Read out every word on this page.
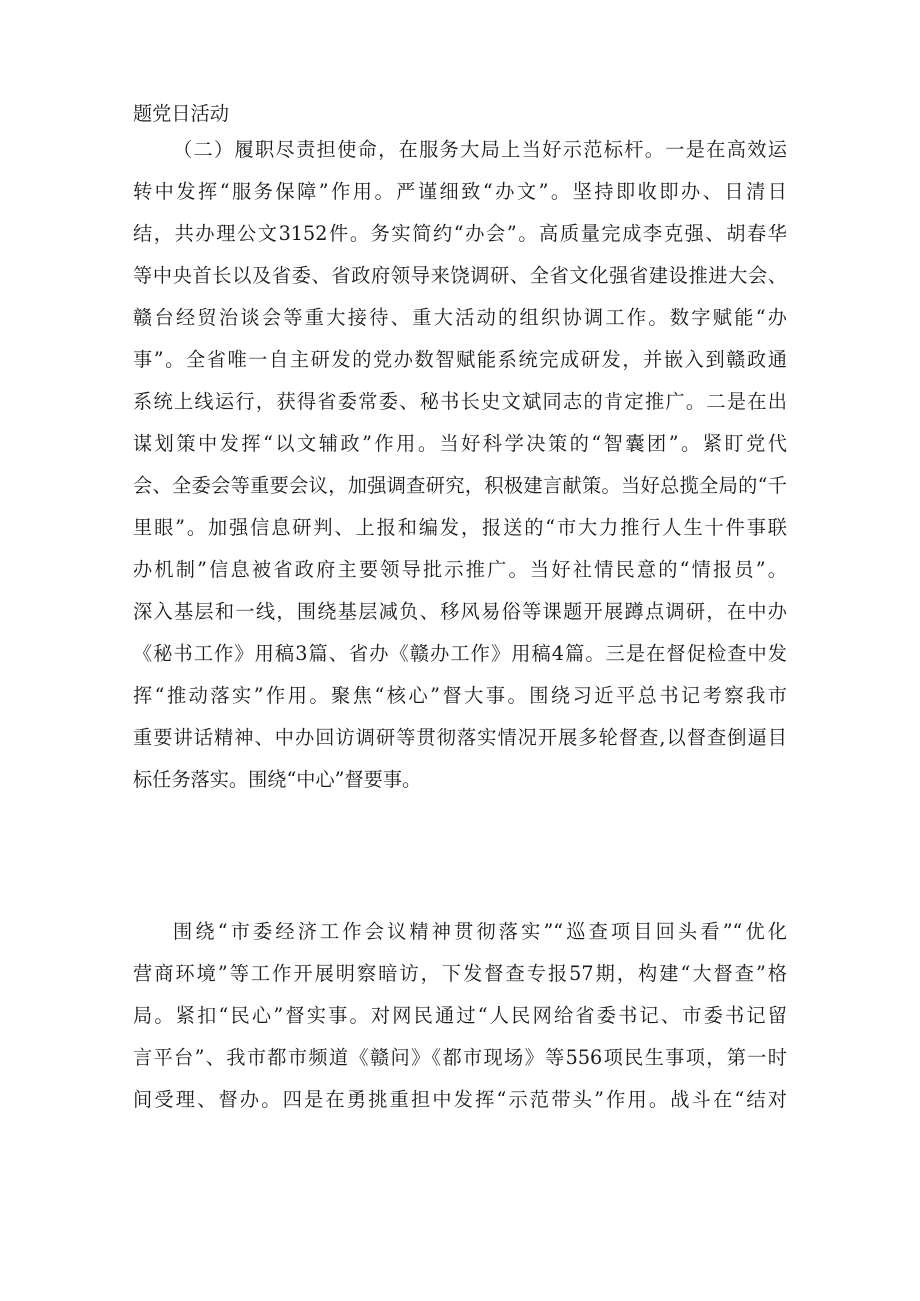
题党日活动
（二）履职尽责担使命，在服务大局上当好示范标杆。一是在高效运
转中发挥“服务保障”作用。严谨细致“办文”。坚持即收即办、日清日
结，共办理公文3152件。务实简约“办会”。高质量完成李克强、胡春华
等中央首长以及省委、省政府领导来饶调研、全省文化强省建设推进大会、
赣台经贸治谈会等重大接待、重大活动的组织协调工作。数字赋能“办
事”。全省唯一自主研发的党办数智赋能系统完成研发，并嵌入到赣政通
系统上线运行，获得省委常委、秘书长史文斌同志的肯定推广。二是在出
谋划策中发挥“以文辅政”作用。当好科学决策的“智囊团”。紧盯党代
会、全委会等重要会议，加强调查研究，积极建言献策。当好总揽全局的“千
里眼”。加强信息研判、上报和编发，报送的“市大力推行人生十件事联
办机制”信息被省政府主要领导批示推广。当好社情民意的“情报员”。
深入基层和一线，围绕基层减负、移风易俗等课题开展蹲点调研，在中办
《秘书工作》用稿3篇、省办《赣办工作》用稿4篇。三是在督促检查中发
挥“推动落实”作用。聚焦“核心”督大事。围绕习近平总书记考察我市
重要讲话精神、中办回访调研等贯彻落实情况开展多轮督查,以督查倒逼目
标任务落实。围绕“中心”督要事。
围绕“市委经济工作会议精神贯彻落实”“巡查项目回头看”“优化
营商环境”等工作开展明察暗访，下发督查专报57期，构建“大督查”格
局。紧扣“民心”督实事。对网民通过“人民网给省委书记、市委书记留
言平台”、我市都市频道《赣问》《都市现场》等556项民生事项，第一时
间受理、督办。四是在勇挑重担中发挥“示范带头”作用。战斗在“结对
